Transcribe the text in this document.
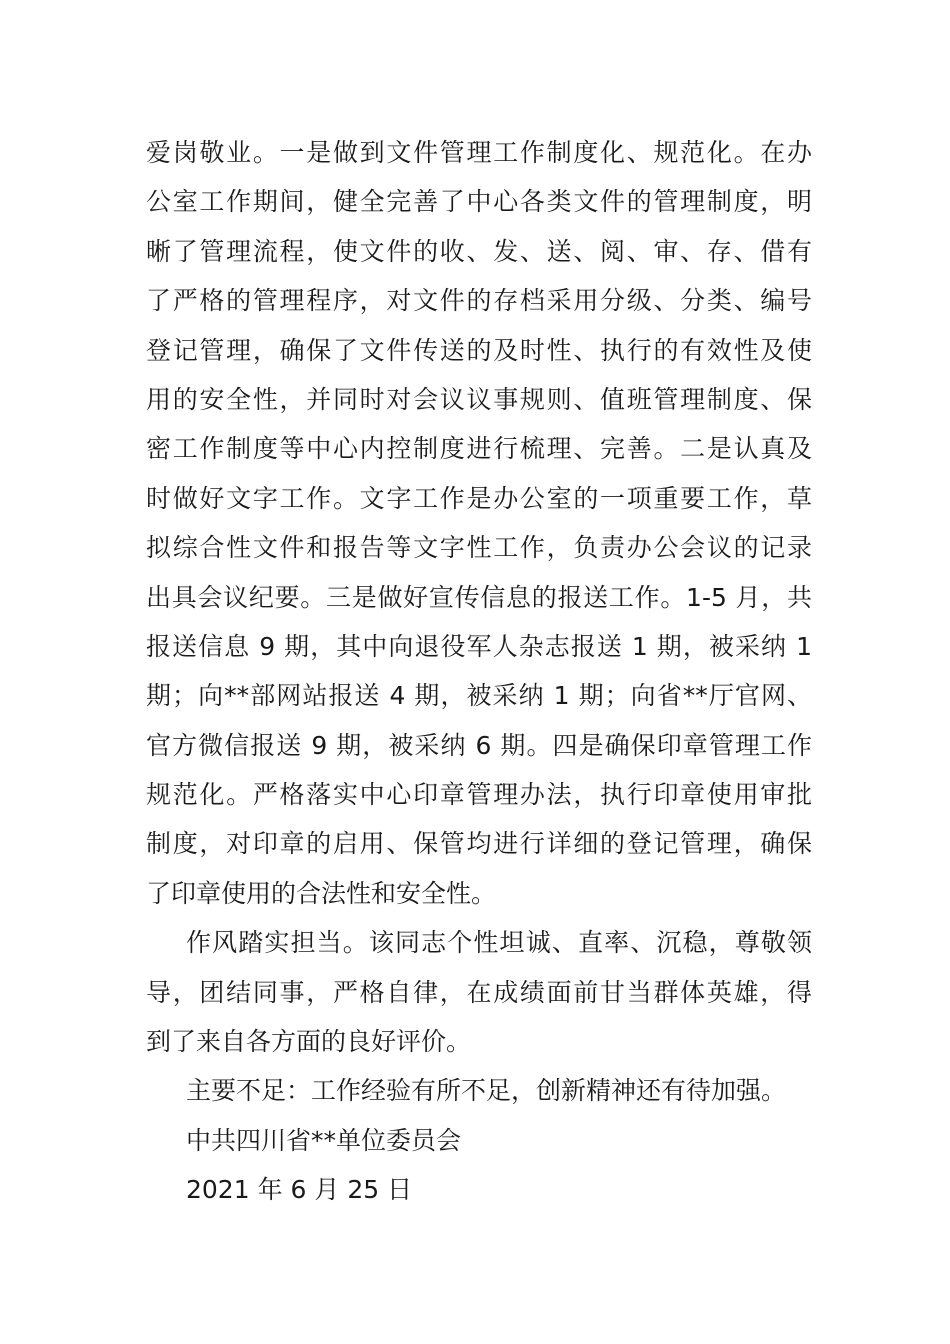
爱岗敬业。一是做到文件管理工作制度化、规范化。在办
公室工作期间，健全完善了中心各类文件的管理制度，明
晰了管理流程，使文件的收、发、送、阅、审、存、借有
了严格的管理程序，对文件的存档采用分级、分类、编号
登记管理，确保了文件传送的及时性、执行的有效性及使
用的安全性，并同时对会议议事规则、值班管理制度、保
密工作制度等中心内控制度进行梳理、完善。二是认真及
时做好文字工作。文字工作是办公室的一项重要工作，草
拟综合性文件和报告等文字性工作，负责办公会议的记录
出具会议纪要。三是做好宣传信息的报送工作。1-5 月，共
报送信息 9 期，其中向退役军人杂志报送 1 期，被采纳 1
期；向**部网站报送 4 期，被采纳 1 期；向省**厅官网、
官方微信报送 9 期，被采纳 6 期。四是确保印章管理工作
规范化。严格落实中心印章管理办法，执行印章使用审批
制度，对印章的启用、保管均进行详细的登记管理，确保
了印章使用的合法性和安全性。
作风踏实担当。该同志个性坦诚、直率、沉稳，尊敬领
导，团结同事，严格自律，在成绩面前甘当群体英雄，得
到了来自各方面的良好评价。
主要不足：工作经验有所不足，创新精神还有待加强。
中共四川省**单位委员会
2021 年 6 月 25 日
